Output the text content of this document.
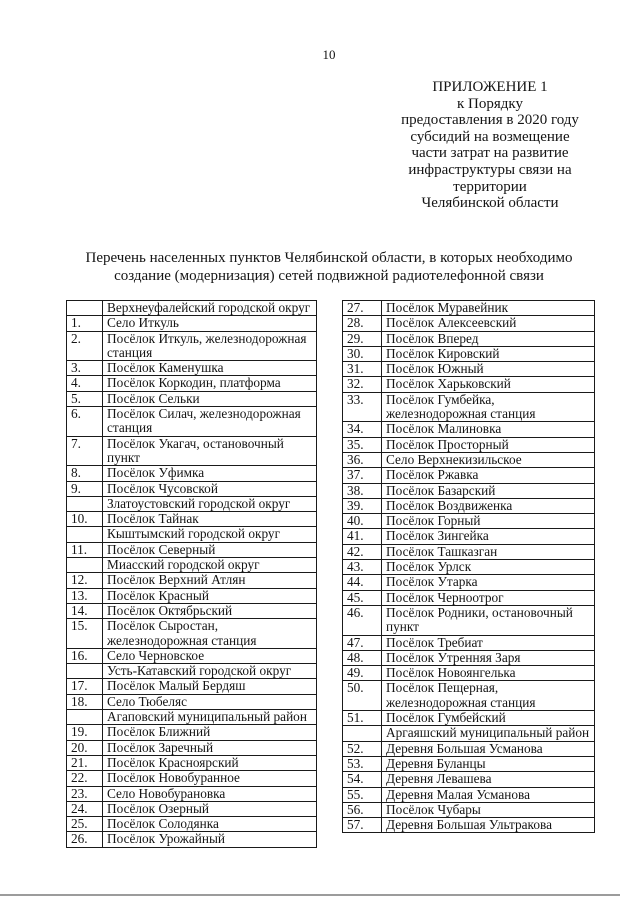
10
ПРИЛОЖЕНИЕ 1
к Порядку
предоставления в 2020 году
субсидий на возмещение
части затрат на развитие
инфраструктуры связи на
территории
Челябинской области
Перечень населенных пунктов Челябинской области, в которых необходимо
создание (модернизация) сетей подвижной радиотелефонной связи
	Верхнеуфалейский городской округ
1.	Село Иткуль
2.	Посёлок Иткуль, железнодорожная
станция

3.	Посёлок Каменушка
4.	Посёлок Коркодин, платформа
5.	Посёлок Сельки
6.	Посёлок Силач, железнодорожная
станция

7.	Посёлок Укагач, остановочный
пункт

8.	Посёлок Уфимка
9.	Посёлок Чусовской
	Златоустовский городской округ
10.	Посёлок Тайнак
	Кыштымский городской округ
11.	Посёлок Северный
	Миасский городской округ
12.	Посёлок Верхний Атлян
13.	Посёлок Красный
14.	Посёлок Октябрьский
15.	Посёлок Сыростан,
железнодорожная станция

16.	Село Черновское
	Усть-Катавский городской округ
17.	Посёлок Малый Бердяш
18.	Село Тюбеляс
	Агаповский муниципальный район
19.	Посёлок Ближний
20.	Посёлок Заречный
21.	Посёлок Красноярский
22.	Посёлок Новобуранное
23.	Село Новобурановка
24.	Посёлок Озерный
25.	Посёлок Солодянка
26.	Посёлок Урожайный
27.	Посёлок Муравейник
28.	Посёлок Алексеевский
29.	Посёлок Вперед
30.	Посёлок Кировский
31.	Посёлок Южный
32.	Посёлок Харьковский
33.	Посёлок Гумбейка,
железнодорожная станция

34.	Посёлок Малиновка
35.	Посёлок Просторный
36.	Село Верхнекизильское
37.	Посёлок Ржавка
38.	Посёлок Базарский
39.	Посёлок Воздвиженка
40.	Посёлок Горный
41.	Посёлок Зингейка
42.	Посёлок Ташказган
43.	Посёлок Урлск
44.	Посёлок Утарка
45.	Посёлок Черноотрог
46.	Посёлок Родники, остановочный
пункт

47.	Посёлок Требиат
48.	Посёлок Утренняя Заря
49.	Посёлок Новоянгелька
50.	Посёлок Пещерная,
железнодорожная станция

51.	Посёлок Гумбейский
	Аргаяшский муниципальный район
52.	Деревня Большая Усманова
53.	Деревня Буланцы
54.	Деревня Левашева
55.	Деревня Малая Усманова
56.	Посёлок Чубары
57.	Деревня Большая Ультракова
